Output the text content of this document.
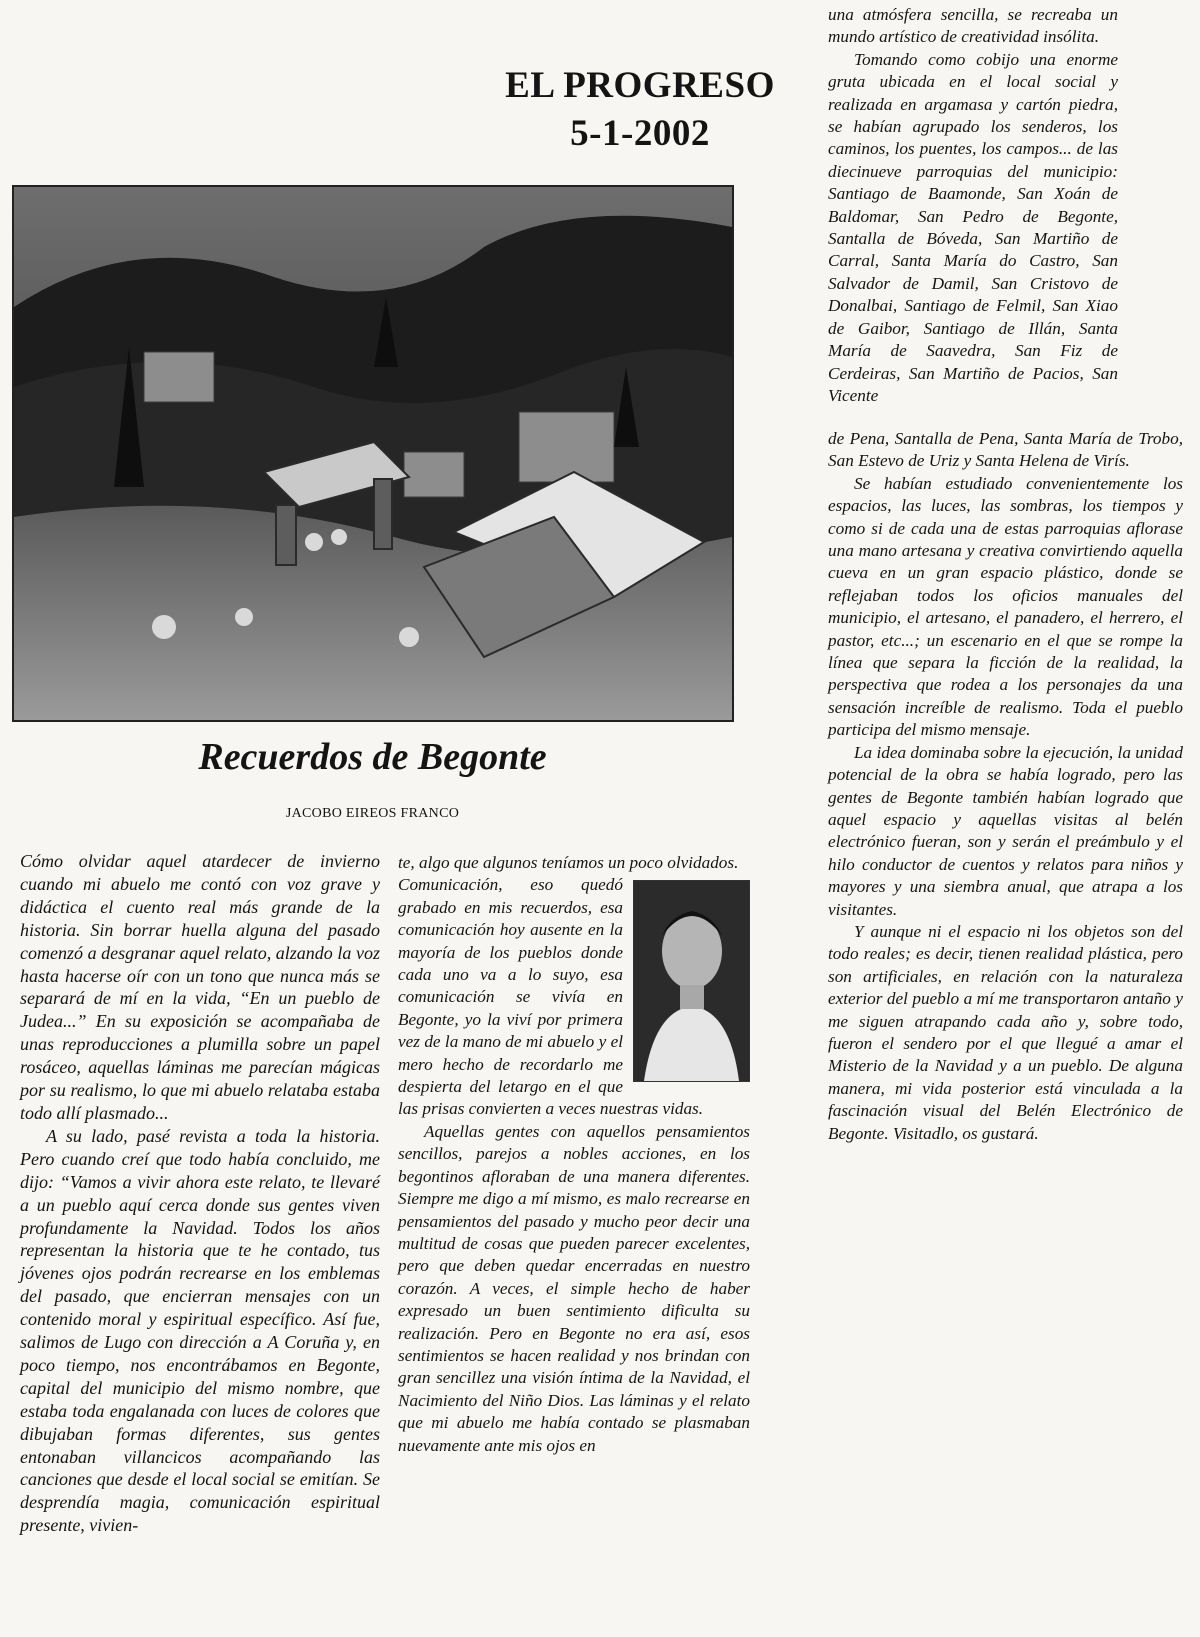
EL PROGRESO
5-1-2002
Recuerdos de Begonte
JACOBO EIREOS FRANCO

Cómo olvidar aquel atardecer de invierno cuando mi abuelo me contó con voz grave y didáctica el cuento real más grande de la historia. Sin borrar huella alguna del pasado comenzó a desgranar aquel relato, alzando la voz hasta hacerse oír con un tono que nunca más se separará de mí en la vida, “En un pueblo de Judea...” En su exposición se acompañaba de unas reproducciones a plumilla sobre un papel rosáceo, aquellas láminas me parecían mágicas por su realismo, lo que mi abuelo relataba estaba todo allí plasmado...

A su lado, pasé revista a toda la historia. Pero cuando creí que todo había concluido, me dijo: “Vamos a vivir ahora este relato, te llevaré a un pueblo aquí cerca donde sus gentes viven profundamente la Navidad. Todos los años representan la historia que te he contado, tus jóvenes ojos podrán recrearse en los emblemas del pasado, que encierran mensajes con un contenido moral y espiritual específico. Así fue, salimos de Lugo con dirección a A Coruña y, en poco tiempo, nos encontrábamos en Begonte, capital del municipio del mismo nombre, que estaba toda engalanada con luces de colores que dibujaban formas diferentes, sus gentes entonaban villancicos acompañando las canciones que desde el local social se emitían. Se desprendía magia, comunicación espiritual presente, vivien-

te, algo que algunos teníamos un poco olvidados.

Comunicación, eso quedó grabado en mis recuerdos, esa comunicación hoy ausente en la mayoría de los pueblos donde cada uno va a lo suyo, esa comunicación se vivía en Begonte, yo la viví por primera vez de la mano de mi abuelo y el mero hecho de recordarlo me despierta del letargo en el que las prisas convierten a veces nuestras vidas.

Aquellas gentes con aquellos pensamientos sencillos, parejos a nobles acciones, en los begontinos afloraban de una manera diferentes. Siempre me digo a mí mismo, es malo recrearse en pensamientos del pasado y mucho peor decir una multitud de cosas que pueden parecer excelentes, pero que deben quedar encerradas en nuestro corazón. A veces, el simple hecho de haber expresado un buen sentimiento dificulta su realización. Pero en Begonte no era así, esos sentimientos se hacen realidad y nos brindan con gran sencillez una visión íntima de la Navidad, el Nacimiento del Niño Dios. Las láminas y el relato que mi abuelo me había contado se plasmaban nuevamente ante mis ojos en

una atmósfera sencilla, se recreaba un mundo artístico de creatividad insólita.

Tomando como cobijo una enorme gruta ubicada en el local social y realizada en argamasa y cartón piedra, se habían agrupado los senderos, los caminos, los puentes, los campos... de las diecinueve parroquias del municipio: Santiago de Baamonde, San Xoán de Baldomar, San Pedro de Begonte, Santalla de Bóveda, San Martiño de Carral, Santa María do Castro, San Salvador de Damil, San Cristovo de Donalbai, Santiago de Felmil, San Xiao de Gaibor, Santiago de Illán, Santa María de Saavedra, San Fiz de Cerdeiras, San Martiño de Pacios, San Vicente

de Pena, Santalla de Pena, Santa María de Trobo, San Estevo de Uriz y Santa Helena de Virís.

Se habían estudiado convenientemente los espacios, las luces, las sombras, los tiempos y como si de cada una de estas parroquias aflorase una mano artesana y creativa convirtiendo aquella cueva en un gran espacio plástico, donde se reflejaban todos los oficios manuales del municipio, el artesano, el panadero, el herrero, el pastor, etc...; un escenario en el que se rompe la línea que separa la ficción de la realidad, la perspectiva que rodea a los personajes da una sensación increíble de realismo. Toda el pueblo participa del mismo mensaje.

La idea dominaba sobre la ejecución, la unidad potencial de la obra se había logrado, pero las gentes de Begonte también habían logrado que aquel espacio y aquellas visitas al belén electrónico fueran, son y serán el preámbulo y el hilo conductor de cuentos y relatos para niños y mayores y una siembra anual, que atrapa a los visitantes.

Y aunque ni el espacio ni los objetos son del todo reales; es decir, tienen realidad plástica, pero son artificiales, en relación con la naturaleza exterior del pueblo a mí me transportaron antaño y me siguen atrapando cada año y, sobre todo, fueron el sendero por el que llegué a amar el Misterio de la Navidad y a un pueblo. De alguna manera, mi vida posterior está vinculada a la fascinación visual del Belén Electrónico de Begonte. Visitadlo, os gustará.
